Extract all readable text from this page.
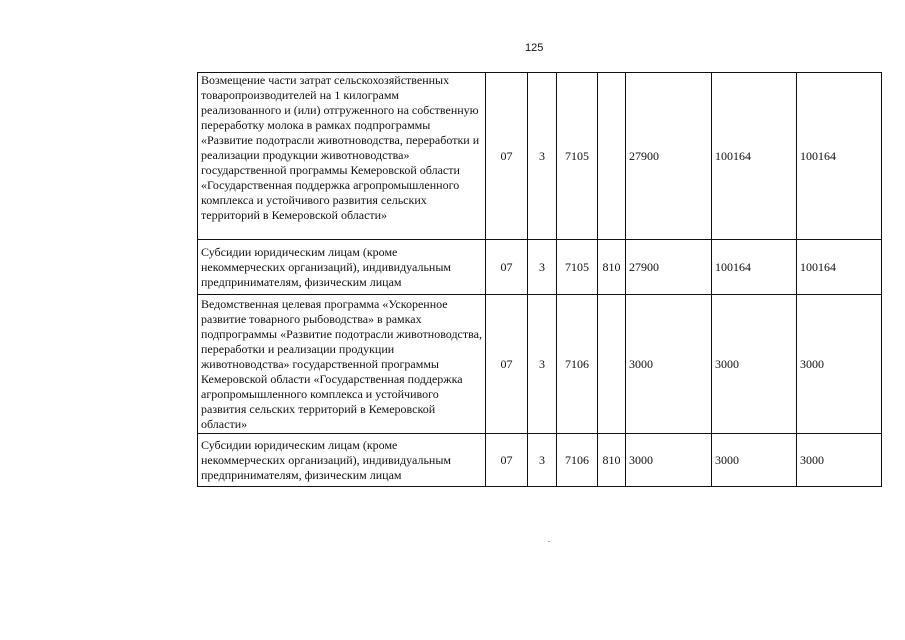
125
Возмещение части затрат сельскохозяйственных товаропроизводителей на 1 килограмм реализованного и (или) отгруженного на собственную переработку молока в рамках подпрограммы «Развитие подотрасли животноводства, переработки и реализации продукции животноводства» государственной программы Кемеровской области «Государственная поддержка агропромышленного комплекса и устойчивого развития сельских территорий в Кемеровской области»	07	3	7105		27900	100164	100164
Субсидии юридическим лицам (кроме некоммерческих организаций), индивидуальным предпринимателям, физическим лицам	07	3	7105	810	27900	100164	100164
Ведомственная целевая программа «Ускоренное развитие товарного рыбоводства» в рамках подпрограммы «Развитие подотрасли животноводства, переработки и реализации продукции животноводства» государственной программы Кемеровской области «Государственная поддержка агропромышленного комплекса и устойчивого развития сельских территорий в Кемеровской области»	07	3	7106		3000	3000	3000
Субсидии юридическим лицам (кроме некоммерческих организаций), индивидуальным предпринимателям, физическим лицам	07	3	7106	810	3000	3000	3000
.
